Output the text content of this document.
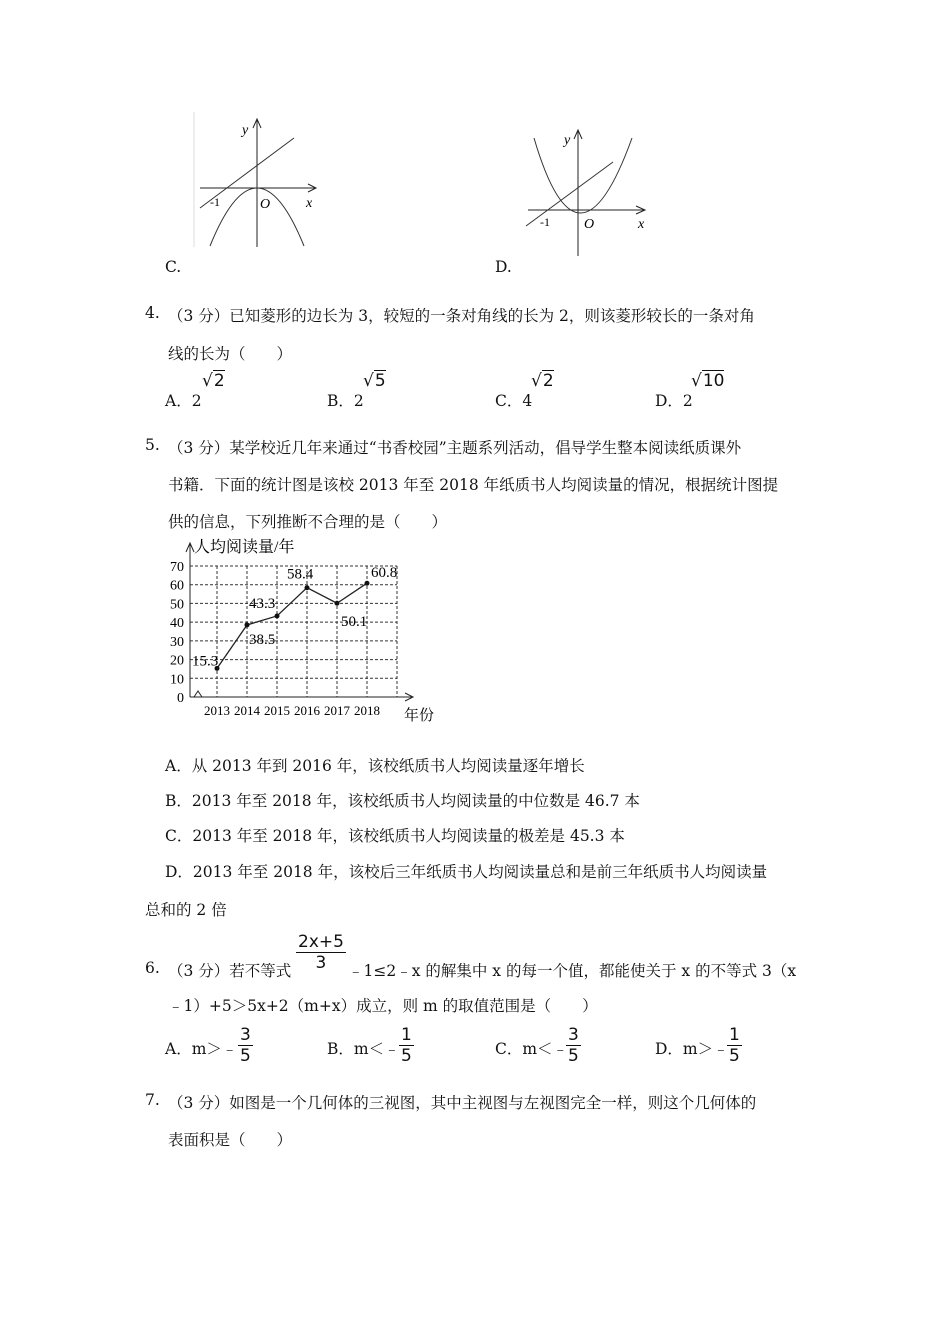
y
x
O
-1
C.
y
x
O
-1
D.
4. （3 分）已知菱形的边长为 3，较短的一条对角线的长为 2，则该菱形较长的一条对角
线的长为（　　）
A．2
√2
B．2
√5
C．4
√2
D．2
√10
5. （3 分）某学校近几年来通过“书香校园”主题系列活动，倡导学生整本阅读纸质课外
书籍．下面的统计图是该校 2013 年至 2018 年纸质书人均阅读量的情况，根据统计图提
供的信息，下列推断不合理的是（　　）
0
10
20
30
40
50
60
70
2013 2014 2015 2016 2017 2018
人均阅读量/年
年份
15.3
38.5
43.3
58.4
50.1
60.8
A．从 2013 年到 2016 年，该校纸质书人均阅读量逐年增长
B．2013 年至 2018 年，该校纸质书人均阅读量的中位数是 46.7 本
C．2013 年至 2018 年，该校纸质书人均阅读量的极差是 45.3 本
D．2013 年至 2018 年，该校后三年纸质书人均阅读量总和是前三年纸质书人均阅读量
总和的 2 倍
6. （3 分）若不等式
2x+5
3	﹣1≤2﹣x 的解集中 x 的每一个值，都能使关于 x 的不等式 3（x
﹣1）+5＞5x+2（m+x）成立，则 m 的取值范围是（　　）
A．m＞﹣
3
5	B．m＜﹣
1
5	C．m＜﹣
3
5	D．m＞﹣
1
5
7. （3 分）如图是一个几何体的三视图，其中主视图与左视图完全一样，则这个几何体的
表面积是（　　）
